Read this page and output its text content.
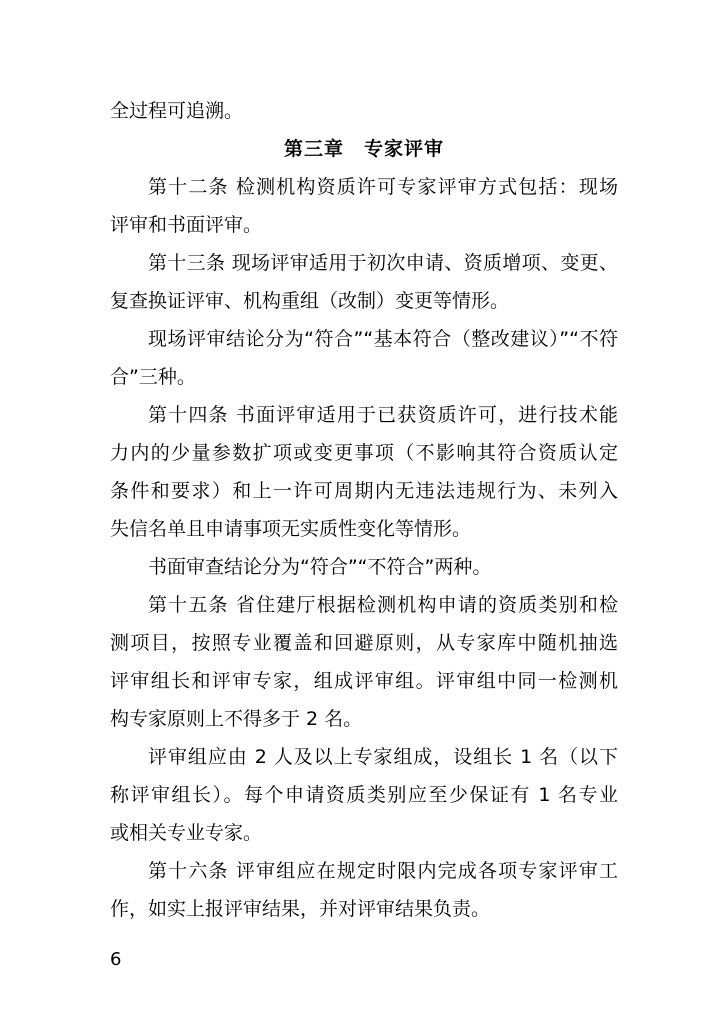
全过程可追溯。
第三章　专家评审
第十二条 检测机构资质许可专家评审方式包括：现场
评审和书面评审。
第十三条 现场评审适用于初次申请、资质增项、变更、
复查换证评审、机构重组（改制）变更等情形。
现场评审结论分为“符合”“基本符合（整改建议）”“不符
合”三种。
第十四条 书面评审适用于已获资质许可，进行技术能
力内的少量参数扩项或变更事项（不影响其符合资质认定
条件和要求）和上一许可周期内无违法违规行为、未列入
失信名单且申请事项无实质性变化等情形。
书面审查结论分为“符合”“不符合”两种。
第十五条 省住建厅根据检测机构申请的资质类别和检
测项目，按照专业覆盖和回避原则，从专家库中随机抽选
评审组长和评审专家，组成评审组。评审组中同一检测机
构专家原则上不得多于 2 名。
评审组应由 2 人及以上专家组成，设组长 1 名（以下
称评审组长）。每个申请资质类别应至少保证有 1 名专业
或相关专业专家。
第十六条 评审组应在规定时限内完成各项专家评审工
作，如实上报评审结果，并对评审结果负责。
6
